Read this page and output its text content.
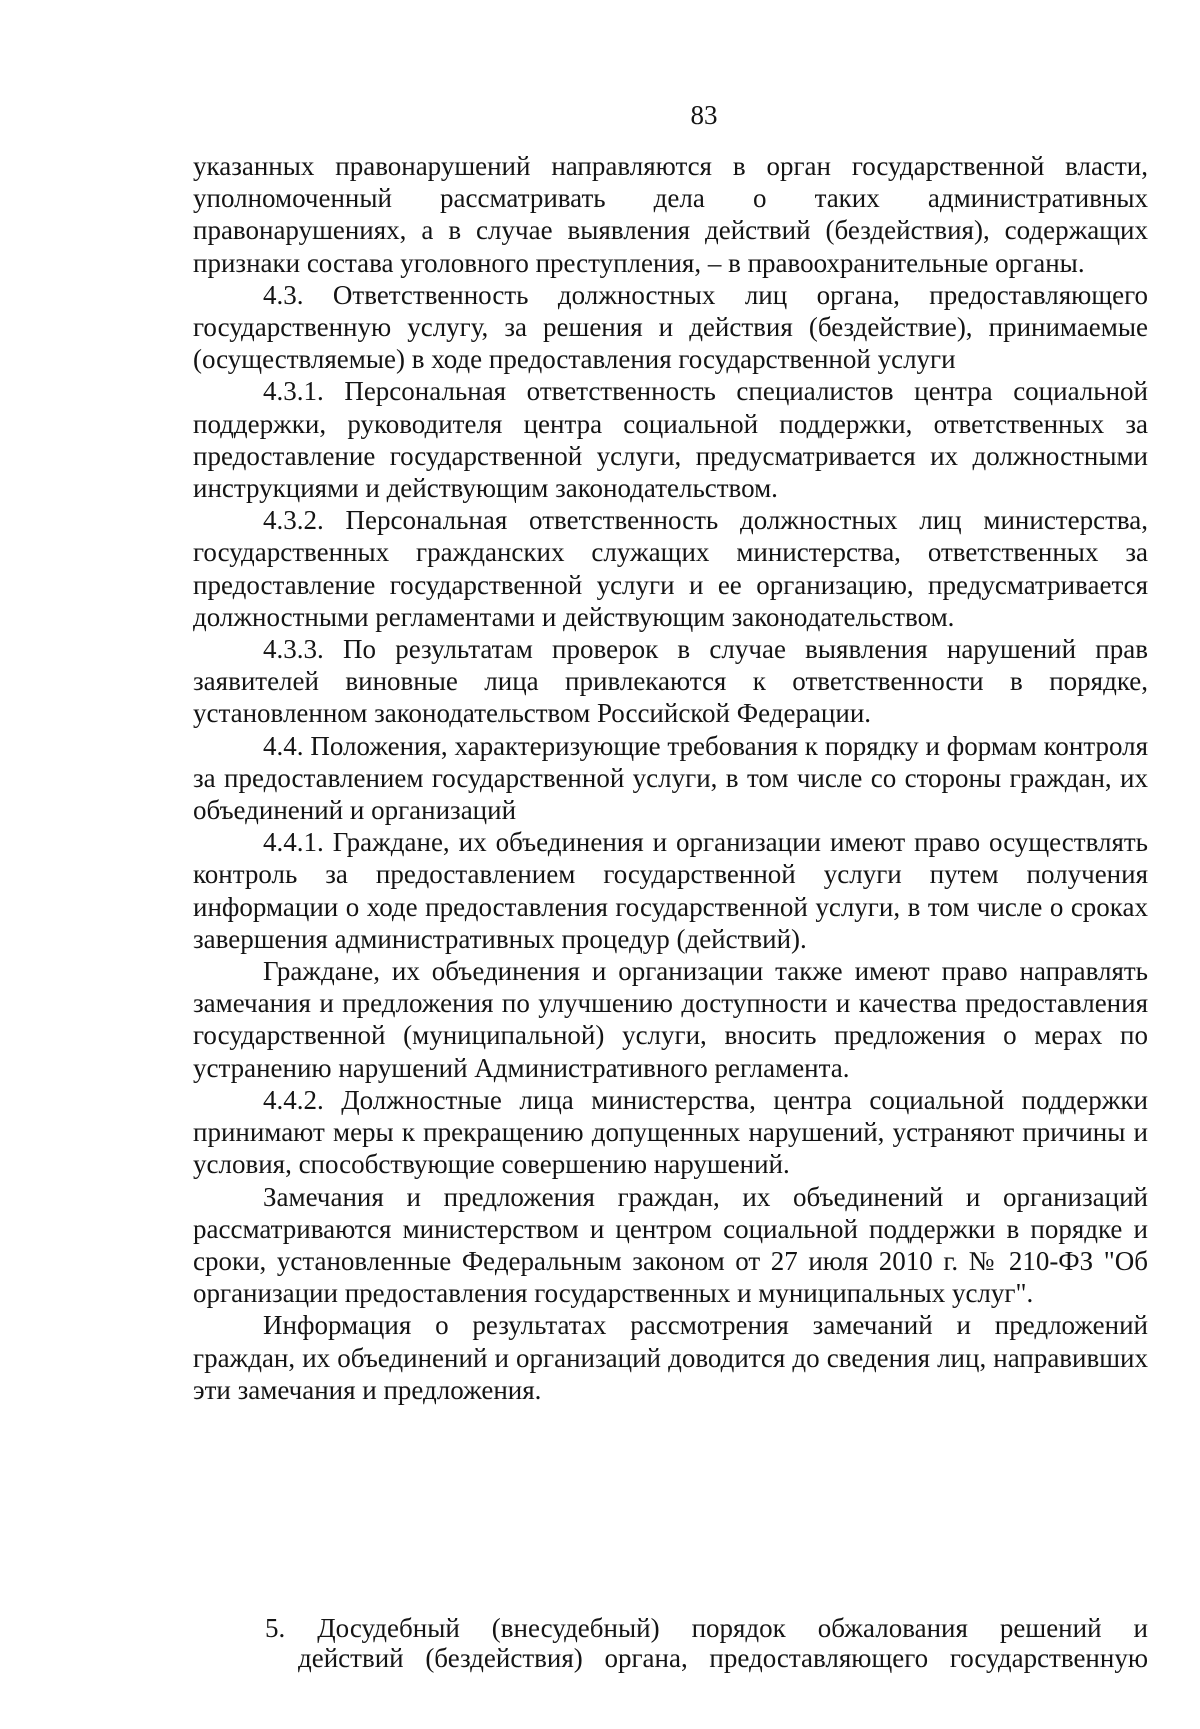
83

указанных правонарушений направляются в орган государственной власти, уполномоченный рассматривать дела о таких административных правонарушениях, а в случае выявления действий (бездействия), содержащих признаки состава уголовного преступления, – в правоохранительные органы.

4.3. Ответственность должностных лиц органа, предоставляющего государственную услугу, за решения и действия (бездействие), принимаемые (осуществляемые) в ходе предоставления государственной услуги

4.3.1. Персональная ответственность специалистов центра социальной поддержки, руководителя центра социальной поддержки, ответственных за предоставление государственной услуги, предусматривается их должностными инструкциями и действующим законодательством.

4.3.2. Персональная ответственность должностных лиц министерства, государственных гражданских служащих министерства, ответственных за предоставление государственной услуги и ее организацию, предусматривается должностными регламентами и действующим законодательством.

4.3.3. По результатам проверок в случае выявления нарушений прав заявителей виновные лица привлекаются к ответственности в порядке, установленном законодательством Российской Федерации.

4.4. Положения, характеризующие требования к порядку и формам контроля за предоставлением государственной услуги, в том числе со стороны граждан, их объединений и организаций

4.4.1. Граждане, их объединения и организации имеют право осуществлять контроль за предоставлением государственной услуги путем получения информации о ходе предоставления государственной услуги, в том числе о сроках завершения административных процедур (действий).

Граждане, их объединения и организации также имеют право направлять замечания и предложения по улучшению доступности и качества предоставления государственной (муниципальной) услуги, вносить предложения о мерах по устранению нарушений Административного регламента.

4.4.2. Должностные лица министерства, центра социальной поддержки принимают меры к прекращению допущенных нарушений, устраняют причины и условия, способствующие совершению нарушений.

Замечания и предложения граждан, их объединений и организаций рассматриваются министерством и центром социальной поддержки в порядке и сроки, установленные Федеральным законом от 27 июля 2010 г. № 210-ФЗ "Об организации предоставления государственных и муниципальных услуг".

Информация о результатах рассмотрения замечаний и предложений граждан, их объединений и организаций доводится до сведения лиц, направивших эти замечания и предложения.

5. Досудебный (внесудебный) порядок обжалования решений и
действий (бездействия) органа, предоставляющего государственную
